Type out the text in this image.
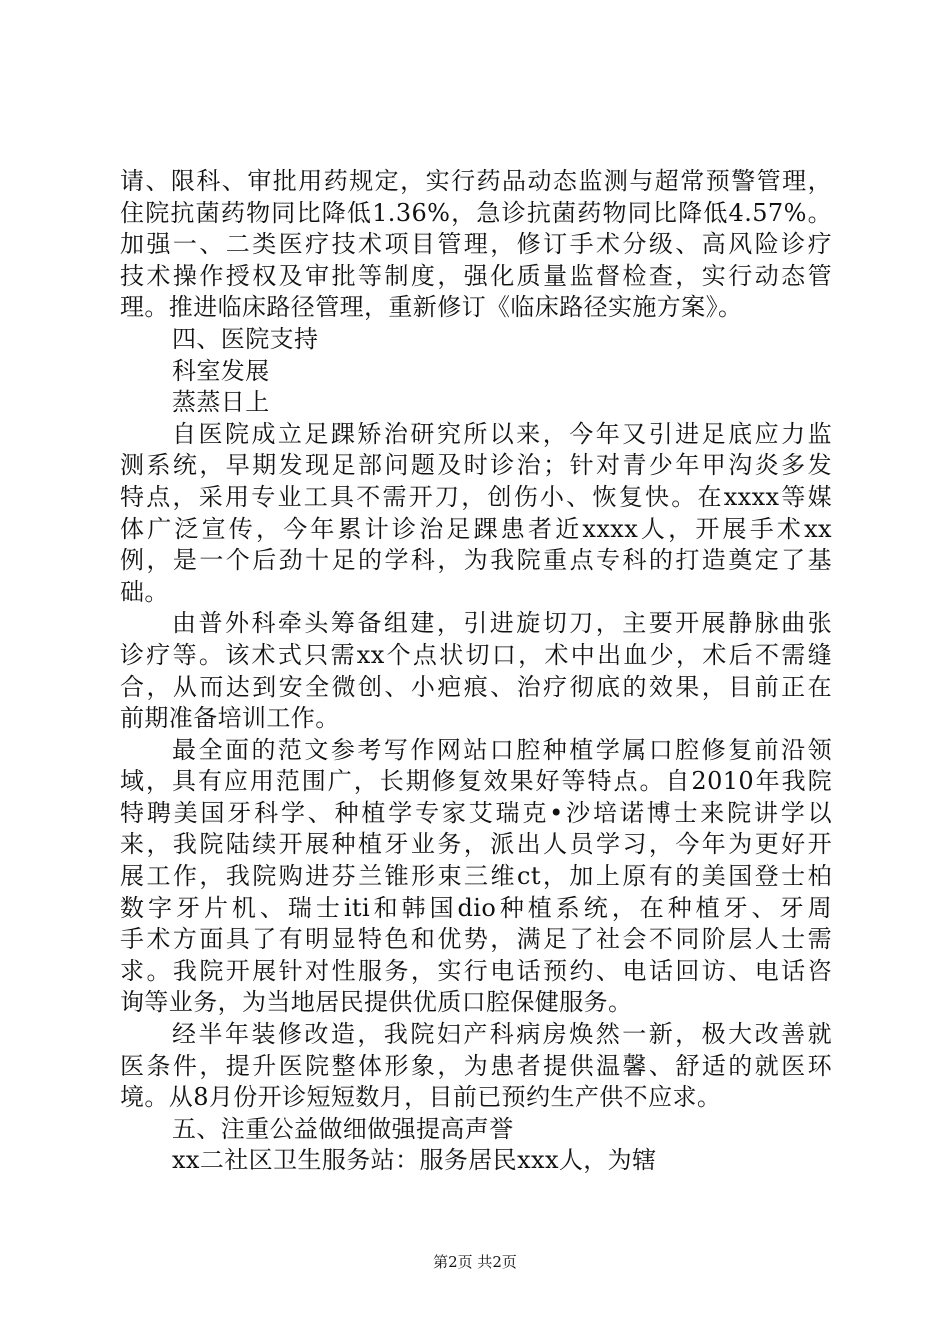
请、限科、审批用药规定，实行药品动态监测与超常预警管理，
住院抗菌药物同比降低1.36%，急诊抗菌药物同比降低4.57%。
加强一、二类医疗技术项目管理，修订手术分级、高风险诊疗
技术操作授权及审批等制度，强化质量监督检查，实行动态管
理。推进临床路径管理，重新修订《临床路径实施方案》。
四、医院支持
科室发展
蒸蒸日上
自医院成立足踝矫治研究所以来，今年又引进足底应力监
测系统，早期发现足部问题及时诊治；针对青少年甲沟炎多发
特点，采用专业工具不需开刀，创伤小、恢复快。在xxxx等媒
体广泛宣传，今年累计诊治足踝患者近xxxx人，开展手术xx
例，是一个后劲十足的学科，为我院重点专科的打造奠定了基
础。
由普外科牵头筹备组建，引进旋切刀，主要开展静脉曲张
诊疗等。该术式只需xx个点状切口，术中出血少，术后不需缝
合，从而达到安全微创、小疤痕、治疗彻底的效果，目前正在
前期准备培训工作。
最全面的范文参考写作网站口腔种植学属口腔修复前沿领
域，具有应用范围广，长期修复效果好等特点。自2010年我院
特聘美国牙科学、种植学专家艾瑞克•沙培诺博士来院讲学以
来，我院陆续开展种植牙业务，派出人员学习，今年为更好开
展工作，我院购进芬兰锥形束三维ct，加上原有的美国登士柏
数字牙片机、瑞士iti和韩国dio种植系统，在种植牙、牙周
手术方面具了有明显特色和优势，满足了社会不同阶层人士需
求。我院开展针对性服务，实行电话预约、电话回访、电话咨
询等业务，为当地居民提供优质口腔保健服务。
经半年装修改造，我院妇产科病房焕然一新，极大改善就
医条件，提升医院整体形象，为患者提供温馨、舒适的就医环
境。从8月份开诊短短数月，目前已预约生产供不应求。
五、注重公益做细做强提高声誉
xx二社区卫生服务站：服务居民xxx人，为辖
第2页 共2页
